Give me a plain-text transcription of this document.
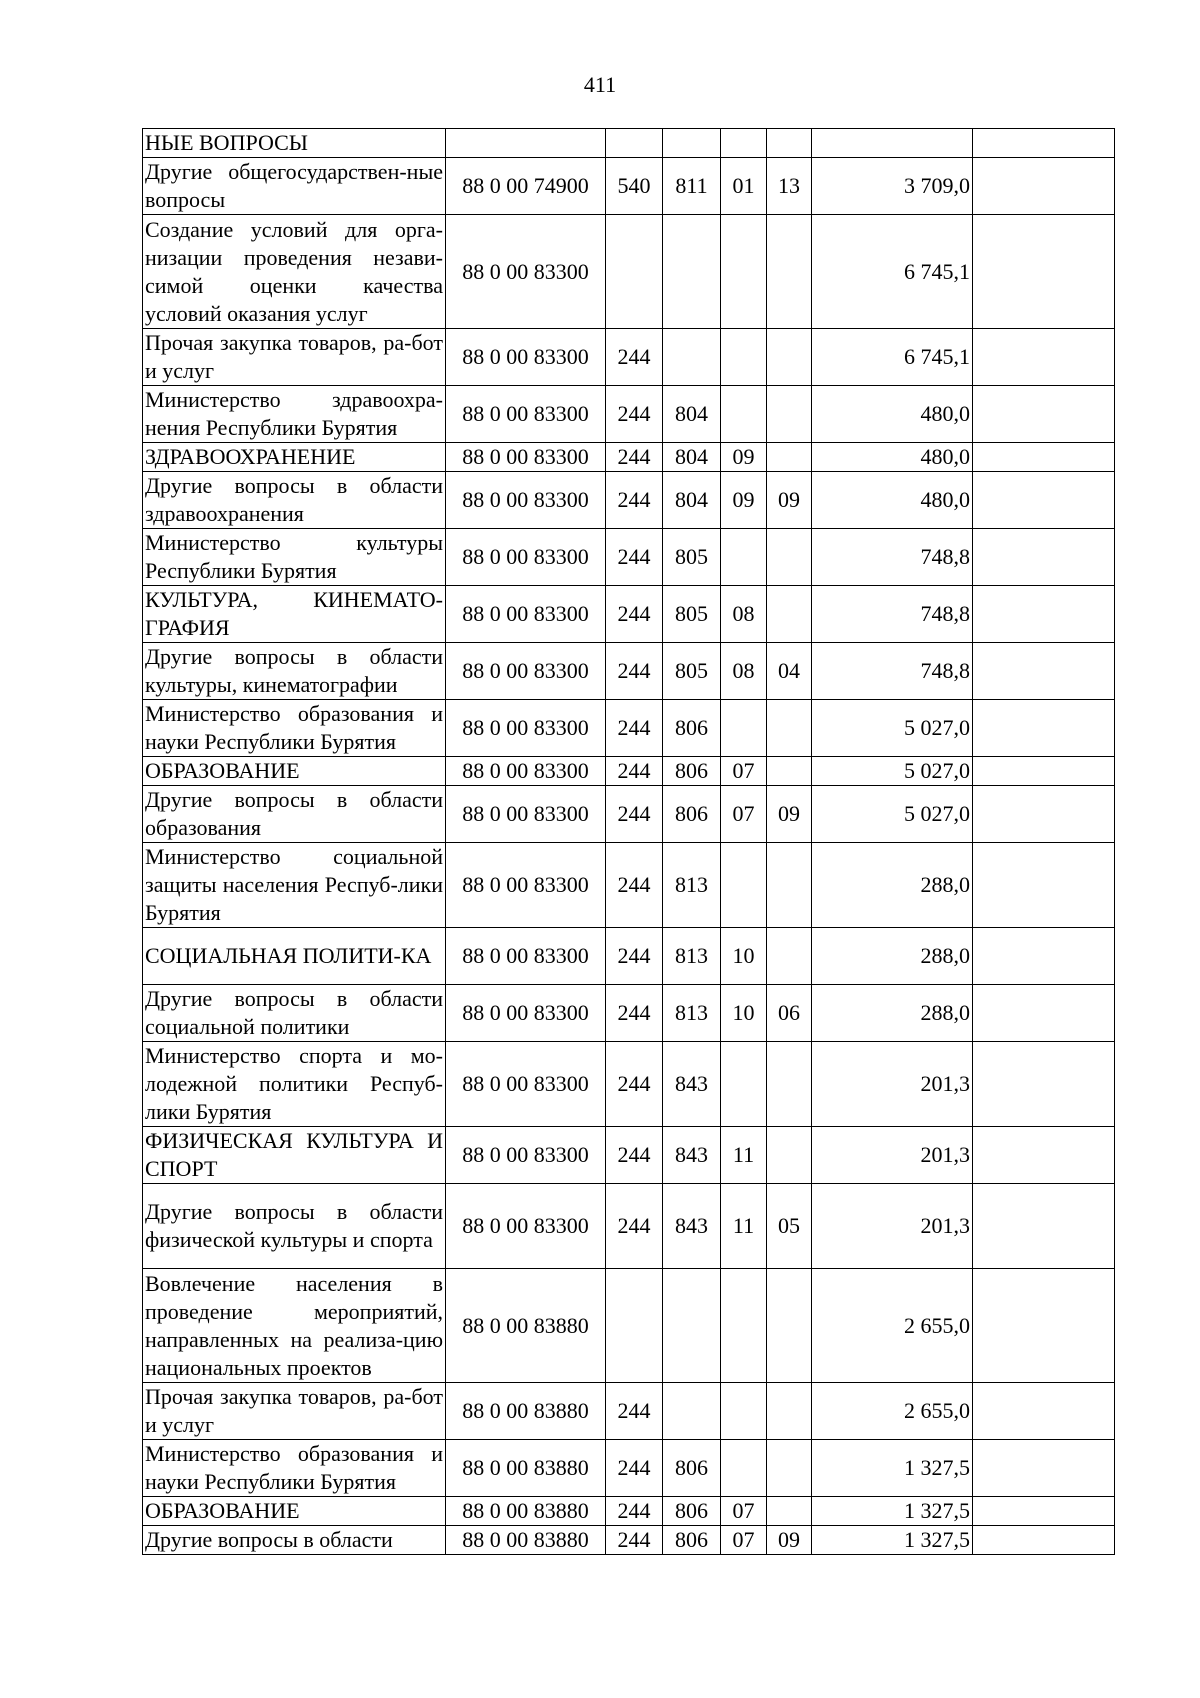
411
НЫЕ ВОПРОСЫ							
Другие общегосударствен-ные вопросы	88 0 00 74900	540	811	01	13	3 709,0	
Создание условий для орга-низации проведения незави-симой оценки качества условий оказания услуг	88 0 00 83300					6 745,1	
Прочая закупка товаров, ра-бот и услуг	88 0 00 83300	244				6 745,1	
Министерство здравоохра-нения Республики Бурятия	88 0 00 83300	244	804			480,0	
ЗДРАВООХРАНЕНИЕ	88 0 00 83300	244	804	09		480,0	
Другие вопросы в области здравоохранения	88 0 00 83300	244	804	09	09	480,0	
Министерство культуры Республики Бурятия	88 0 00 83300	244	805			748,8	
КУЛЬТУРА, КИНЕМАТО-ГРАФИЯ	88 0 00 83300	244	805	08		748,8	
Другие вопросы в области культуры, кинематографии	88 0 00 83300	244	805	08	04	748,8	
Министерство образования и науки Республики Бурятия	88 0 00 83300	244	806			5 027,0	
ОБРАЗОВАНИЕ	88 0 00 83300	244	806	07		5 027,0	
Другие вопросы в области образования	88 0 00 83300	244	806	07	09	5 027,0	
Министерство социальной защиты населения Респуб-лики Бурятия	88 0 00 83300	244	813			288,0	
СОЦИАЛЬНАЯ ПОЛИТИ-КА	88 0 00 83300	244	813	10		288,0	
Другие вопросы в области социальной политики	88 0 00 83300	244	813	10	06	288,0	
Министерство спорта и мо-лодежной политики Респуб-лики Бурятия	88 0 00 83300	244	843			201,3	
ФИЗИЧЕСКАЯ КУЛЬТУРА И СПОРТ	88 0 00 83300	244	843	11		201,3	
Другие вопросы в области физической культуры и спорта	88 0 00 83300	244	843	11	05	201,3	
Вовлечение населения в проведение мероприятий, направленных на реализа-цию национальных проектов	88 0 00 83880					2 655,0	
Прочая закупка товаров, ра-бот и услуг	88 0 00 83880	244				2 655,0	
Министерство образования и науки Республики Бурятия	88 0 00 83880	244	806			1 327,5	
ОБРАЗОВАНИЕ	88 0 00 83880	244	806	07		1 327,5	
Другие вопросы в области	88 0 00 83880	244	806	07	09	1 327,5	
